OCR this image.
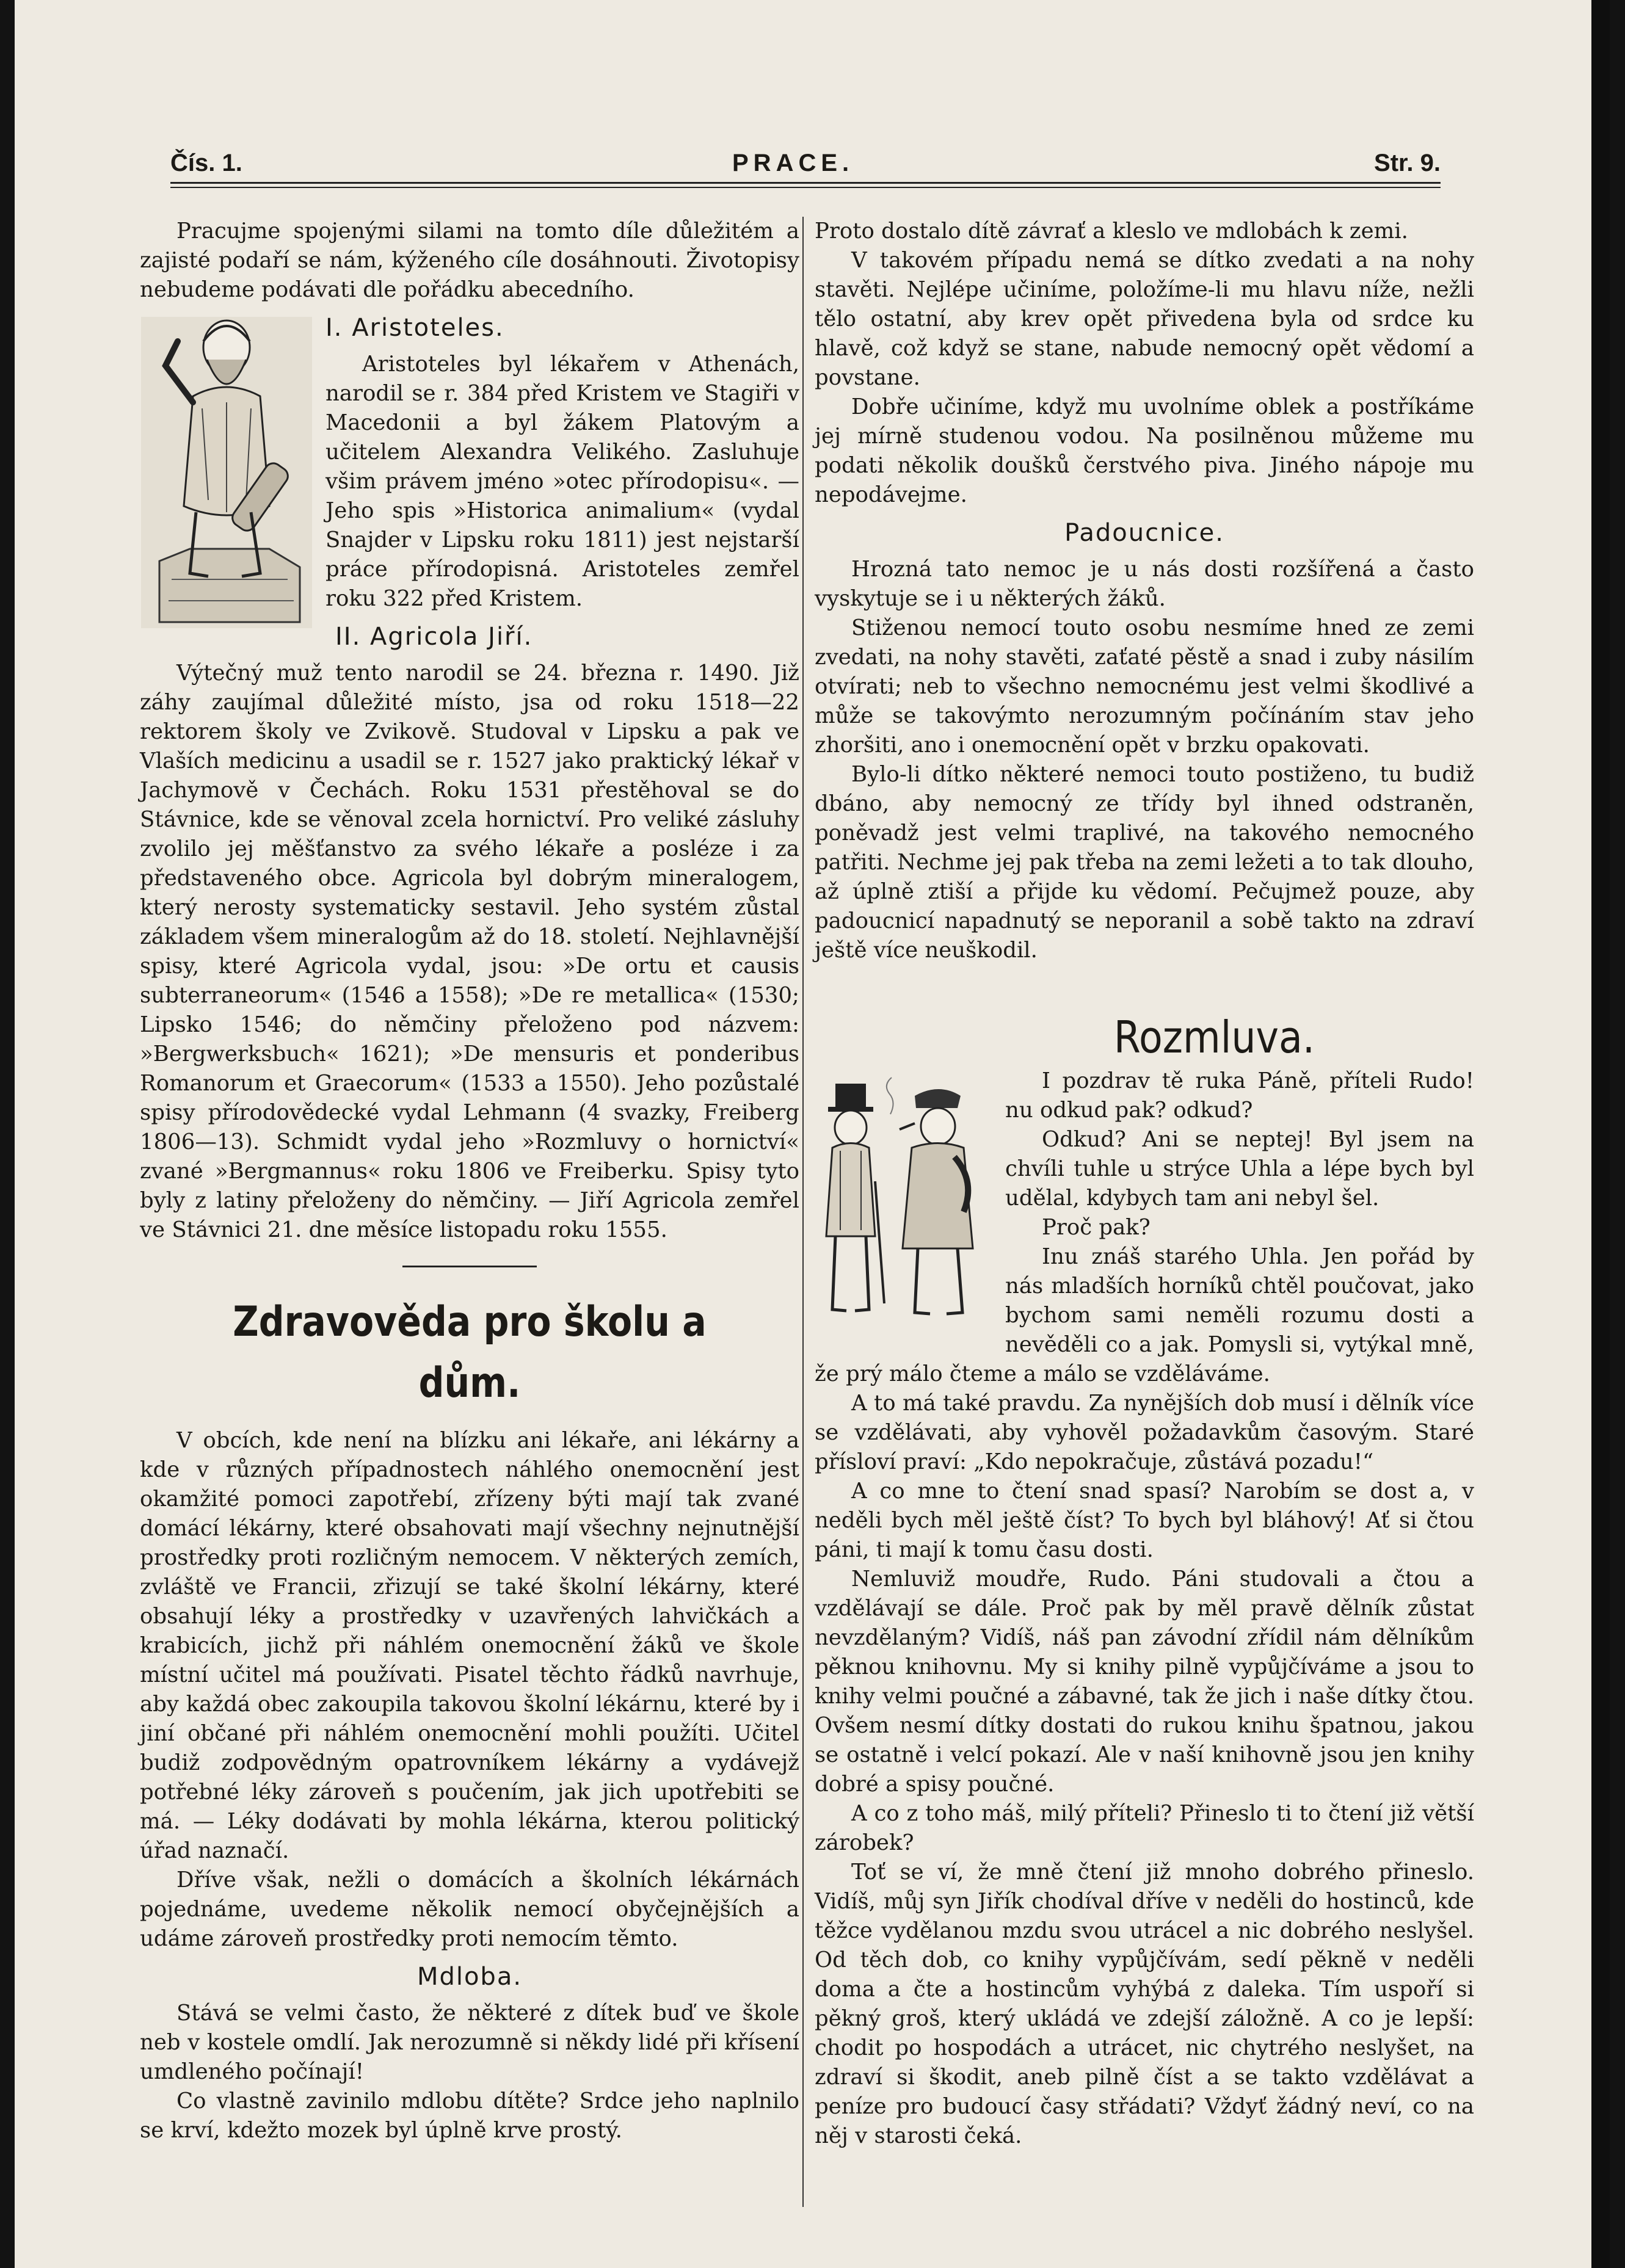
Čís. 1.	PRACE.	Str. 9.

Pracujme spojenými silami na tomto díle důležitém a zajisté podaří se nám, kýženého cíle dosáhnouti. Životopisy nebudeme podávati dle pořádku abecedního.

I. Aristoteles.

Aristoteles byl lékařem v Athenách, narodil se r. 384 před Kristem ve Stagiři v Macedonii a byl žákem Platovým a učitelem Alexandra Velikého. Zasluhuje všim právem jméno »otec přírodopisu«. — Jeho spis »Historica animalium« (vydal Snajder v Lipsku roku 1811) jest nejstarší práce přírodopisná. Aristoteles zemřel roku 322 před Kristem.

II. Agricola Jiří.

Výtečný muž tento narodil se 24. března r. 1490. Již záhy zaujímal důležité místo, jsa od roku 1518—22 rektorem školy ve Zvikově. Studoval v Lipsku a pak ve Vlaších medicinu a usadil se r. 1527 jako praktický lékař v Jachymově v Čechách. Roku 1531 přestěhoval se do Stávnice, kde se věnoval zcela hornictví. Pro veliké zásluhy zvolilo jej měšťanstvo za svého lékaře a posléze i za představeného obce. Agricola byl dobrým mineralogem, který nerosty systematicky sestavil. Jeho systém zůstal základem všem mineralogům až do 18. století. Nejhlavnější spisy, které Agricola vydal, jsou: »De ortu et causis subterraneorum« (1546 a 1558); »De re metallica« (1530; Lipsko 1546; do němčiny přeloženo pod názvem: »Bergwerksbuch« 1621); »De mensuris et ponderibus Romanorum et Graecorum« (1533 a 1550). Jeho pozůstalé spisy přírodovědecké vydal Lehmann (4 svazky, Freiberg 1806—13). Schmidt vydal jeho »Rozmluvy o hornictví« zvané »Bergmannus« roku 1806 ve Freiberku. Spisy tyto byly z latiny přeloženy do němčiny. — Jiří Agricola zemřel ve Stávnici 21. dne měsíce listopadu roku 1555.

Zdravověda pro školu a dům.

V obcích, kde není na blízku ani lékaře, ani lékárny a kde v různých případnostech náhlého onemocnění jest okamžité pomoci zapotřebí, zřízeny býti mají tak zvané domácí lékárny, které obsahovati mají všechny nejnutnější prostředky proti rozličným nemocem. V některých zemích, zvláště ve Francii, zřizují se také školní lékárny, které obsahují léky a prostředky v uzavřených lahvičkách a krabicích, jichž při náhlém onemocnění žáků ve škole místní učitel má používati. Pisatel těchto řádků navrhuje, aby každá obec zakoupila takovou školní lékárnu, které by i jiní občané při náhlém onemocnění mohli použíti. Učitel budiž zodpovědným opatrovníkem lékárny a vydávejž potřebné léky zároveň s poučením, jak jich upotřebiti se má. — Léky dodávati by mohla lékárna, kterou politický úřad naznačí.

Dříve však, nežli o domácích a školních lékárnách pojednáme, uvedeme několik nemocí obyčejnějších a udáme zároveň prostředky proti nemocím těmto.

Mdloba.

Stává se velmi často, že některé z dítek buď ve škole neb v kostele omdlí. Jak nerozumně si někdy lidé při křísení umdleného počínají!

Co vlastně zavinilo mdlobu dítěte? Srdce jeho naplnilo se krví, kdežto mozek byl úplně krve prostý.

Proto dostalo dítě závrať a kleslo ve mdlobách k zemi.

V takovém případu nemá se dítko zvedati a na nohy stavěti. Nejlépe učiníme, položíme-li mu hlavu níže, nežli tělo ostatní, aby krev opět přivedena byla od srdce ku hlavě, což když se stane, nabude nemocný opět vědomí a povstane.

Dobře učiníme, když mu uvolníme oblek a postříkáme jej mírně studenou vodou. Na posilněnou můžeme mu podati několik doušků čerstvého piva. Jiného nápoje mu nepodávejme.

Padoucnice.

Hrozná tato nemoc je u nás dosti rozšířená a často vyskytuje se i u některých žáků.

Stiženou nemocí touto osobu nesmíme hned ze zemi zvedati, na nohy stavěti, zaťaté pěstě a snad i zuby násilím otvírati; neb to všechno nemocnému jest velmi škodlivé a může se takovýmto nerozumným počínáním stav jeho zhoršiti, ano i onemocnění opět v brzku opakovati.

Bylo-li dítko některé nemoci touto postiženo, tu budiž dbáno, aby nemocný ze třídy byl ihned odstraněn, poněvadž jest velmi traplivé, na takového nemocného patřiti. Nechme jej pak třeba na zemi ležeti a to tak dlouho, až úplně ztiší a přijde ku vědomí. Pečujmež pouze, aby padoucnicí napadnutý se neporanil a sobě takto na zdraví ještě více neuškodil.

Rozmluva.

I pozdrav tě ruka Páně, příteli Rudo! nu odkud pak? odkud?

Odkud? Ani se neptej! Byl jsem na chvíli tuhle u strýce Uhla a lépe bych byl udělal, kdybych tam ani nebyl šel.

Proč pak?

Inu znáš starého Uhla. Jen pořád by nás mladších horníků chtěl poučovat, jako bychom sami neměli rozumu dosti a nevěděli co a jak. Pomysli si, vytýkal mně, že prý málo čteme a málo se vzděláváme.

A to má také pravdu. Za nynějších dob musí i dělník více se vzdělávati, aby vyhověl požadavkům časovým. Staré přísloví praví: „Kdo nepokračuje, zůstává pozadu!“

A co mne to čtení snad spasí? Narobím se dost a, v neděli bych měl ještě číst? To bych byl bláhový! Ať si čtou páni, ti mají k tomu času dosti.

Nemluviž moudře, Rudo. Páni studovali a čtou a vzdělávají se dále. Proč pak by měl pravě dělník zůstat nevzdělaným? Vidíš, náš pan závodní zřídil nám dělníkům pěknou knihovnu. My si knihy pilně vypůjčíváme a jsou to knihy velmi poučné a zábavné, tak že jich i naše dítky čtou. Ovšem nesmí dítky dostati do rukou knihu špatnou, jakou se ostatně i velcí pokazí. Ale v naší knihovně jsou jen knihy dobré a spisy poučné.

A co z toho máš, milý příteli? Přineslo ti to čtení již větší zárobek?

Toť se ví, že mně čtení již mnoho dobrého přineslo. Vidíš, můj syn Jiřík chodíval dříve v neděli do hostinců, kde těžce vydělanou mzdu svou utrácel a nic dobrého neslyšel. Od těch dob, co knihy vypůjčívám, sedí pěkně v neděli doma a čte a hostincům vyhýbá z daleka. Tím uspoří si pěkný groš, který ukládá ve zdejší záložně. A co je lepší: chodit po hospodách a utrácet, nic chytrého neslyšet, na zdraví si škodit, aneb pilně číst a se takto vzdělávat a peníze pro budoucí časy střádati? Vždyť žádný neví, co na něj v starosti čeká.
